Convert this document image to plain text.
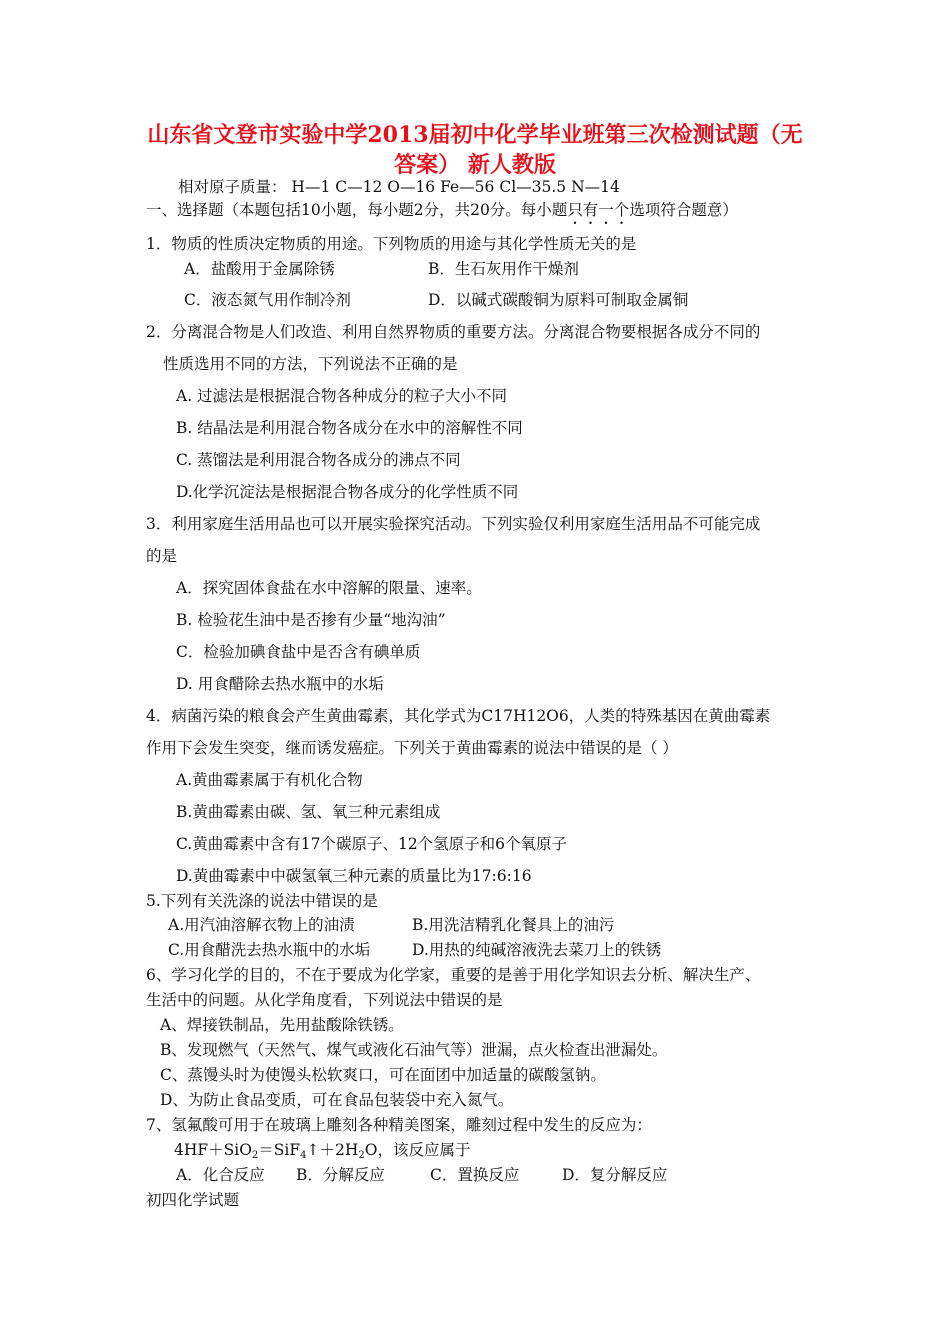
山东省文登市实验中学2013届初中化学毕业班第三次检测试题（无
答案） 新人教版

相对原子质量： H—1 C—12 O—16 Fe—56 Cl—35.5 N—14

一、选择题（本题包括10小题，每小题2分，共20分。每小题只有一个选项符合题意）

1．物质的性质决定物质的用途。下列物质的用途与其化学性质无关的是

A．盐酸用于金属除锈	B．生石灰用作干燥剂

C．液态氮气用作制冷剂	D．以碱式碳酸铜为原料可制取金属铜

2．分离混合物是人们改造、利用自然界物质的重要方法。分离混合物要根据各成分不同的

性质选用不同的方法，下列说法不正确的是

A. 过滤法是根据混合物各种成分的粒子大小不同

B. 结晶法是利用混合物各成分在水中的溶解性不同

C. 蒸馏法是利用混合物各成分的沸点不同

D.化学沉淀法是根据混合物各成分的化学性质不同

3．利用家庭生活用品也可以开展实验探究活动。下列实验仅利用家庭生活用品不可能完成

的是

A．探究固体食盐在水中溶解的限量、速率。

B. 检验花生油中是否掺有少量“地沟油”

C．检验加碘食盐中是否含有碘单质

D. 用食醋除去热水瓶中的水垢

4．病菌污染的粮食会产生黄曲霉素，其化学式为C17H12O6，人类的特殊基因在黄曲霉素

作用下会发生突变，继而诱发癌症。下列关于黄曲霉素的说法中错误的是（ ）

A.黄曲霉素属于有机化合物

B.黄曲霉素由碳、氢、氧三种元素组成

C.黄曲霉素中含有17个碳原子、12个氢原子和6个氧原子

D.黄曲霉素中中碳氢氧三种元素的质量比为17:6:16

5.下列有关洗涤的说法中错误的是

A.用汽油溶解衣物上的油渍	B.用洗洁精乳化餐具上的油污

C.用食醋洗去热水瓶中的水垢	D.用热的纯碱溶液洗去菜刀上的铁锈

6、学习化学的目的，不在于要成为化学家，重要的是善于用化学知识去分析、解决生产、

生活中的问题。从化学角度看，下列说法中错误的是

A、焊接铁制品，先用盐酸除铁锈。

B、发现燃气（天然气、煤气或液化石油气等）泄漏，点火检查出泄漏处。

C、蒸馒头时为使馒头松软爽口，可在面团中加适量的碳酸氢钠。

D、为防止食品变质，可在食品包装袋中充入氮气。

7、氢氟酸可用于在玻璃上雕刻各种精美图案，雕刻过程中发生的反应为：

$4HF+SiO_2=SiF_4↑+2H_2O$，该反应属于

A．化合反应 B．分解反应	C．置换反应	D．复分解反应

初四化学试题
